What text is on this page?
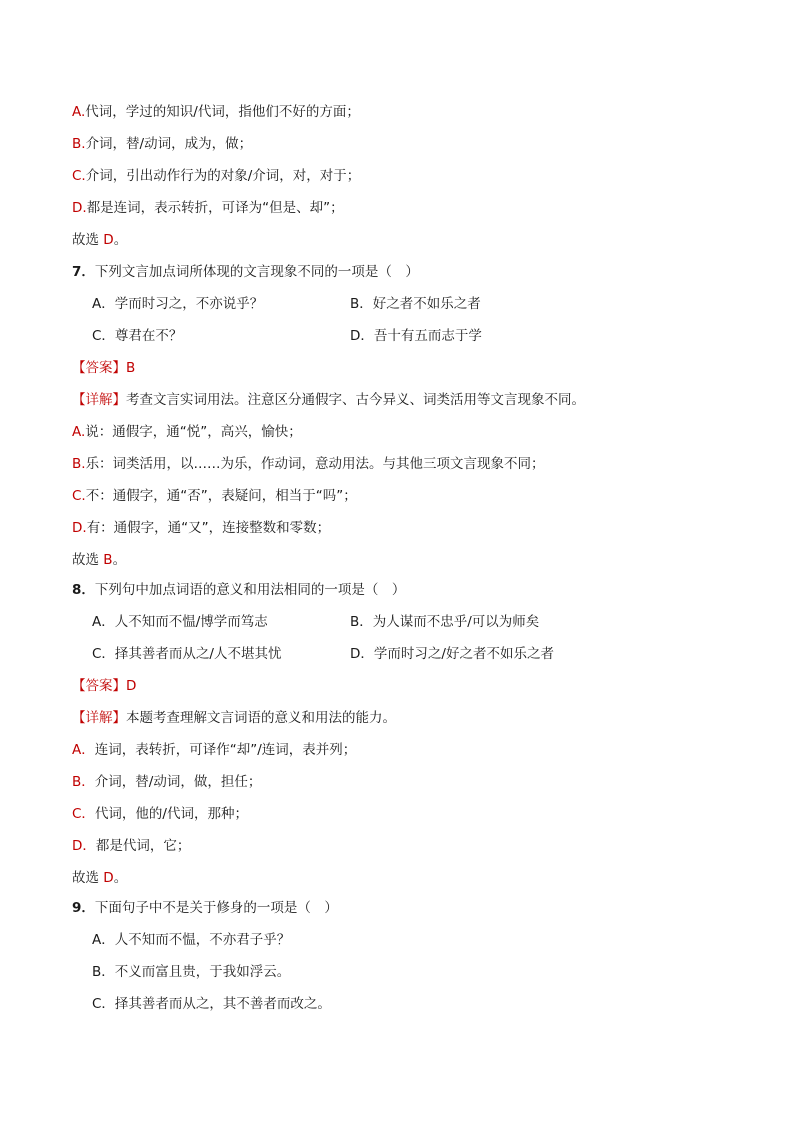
A.代词，学过的知识/代词，指他们不好的方面；
B.介词，替/动词，成为，做；
C.介词，引出动作行为的对象/介词，对，对于；
D.都是连词，表示转折，可译为“但是、却”；
故选 D。
7．下列文言加点词所体现的文言现象不同的一项是（　）
A．学而时习之，不亦说乎？	B．好之者不如乐之者
C．尊君在不？	D．吾十有五而志于学
【答案】B
【详解】考查文言实词用法。注意区分通假字、古今异义、词类活用等文言现象不同。
A.说：通假字，通“悦”，高兴，愉快；
B.乐：词类活用，以……为乐，作动词，意动用法。与其他三项文言现象不同；
C.不：通假字，通“否”，表疑问，相当于“吗”；
D.有：通假字，通“又”，连接整数和零数；
故选 B。
8．下列句中加点词语的意义和用法相同的一项是（　）
A．人不知而不愠/博学而笃志	B．为人谋而不忠乎/可以为师矣
C．择其善者而从之/人不堪其忧	D．学而时习之/好之者不如乐之者
【答案】D
【详解】本题考查理解文言词语的意义和用法的能力。
A．连词，表转折，可译作“却”/连词，表并列；
B．介词，替/动词，做，担任；
C．代词，他的/代词，那种；
D．都是代词，它；
故选 D。
9．下面句子中不是关于修身的一项是（　）
A．人不知而不愠，不亦君子乎？
B．不义而富且贵，于我如浮云。
C．择其善者而从之，其不善者而改之。
